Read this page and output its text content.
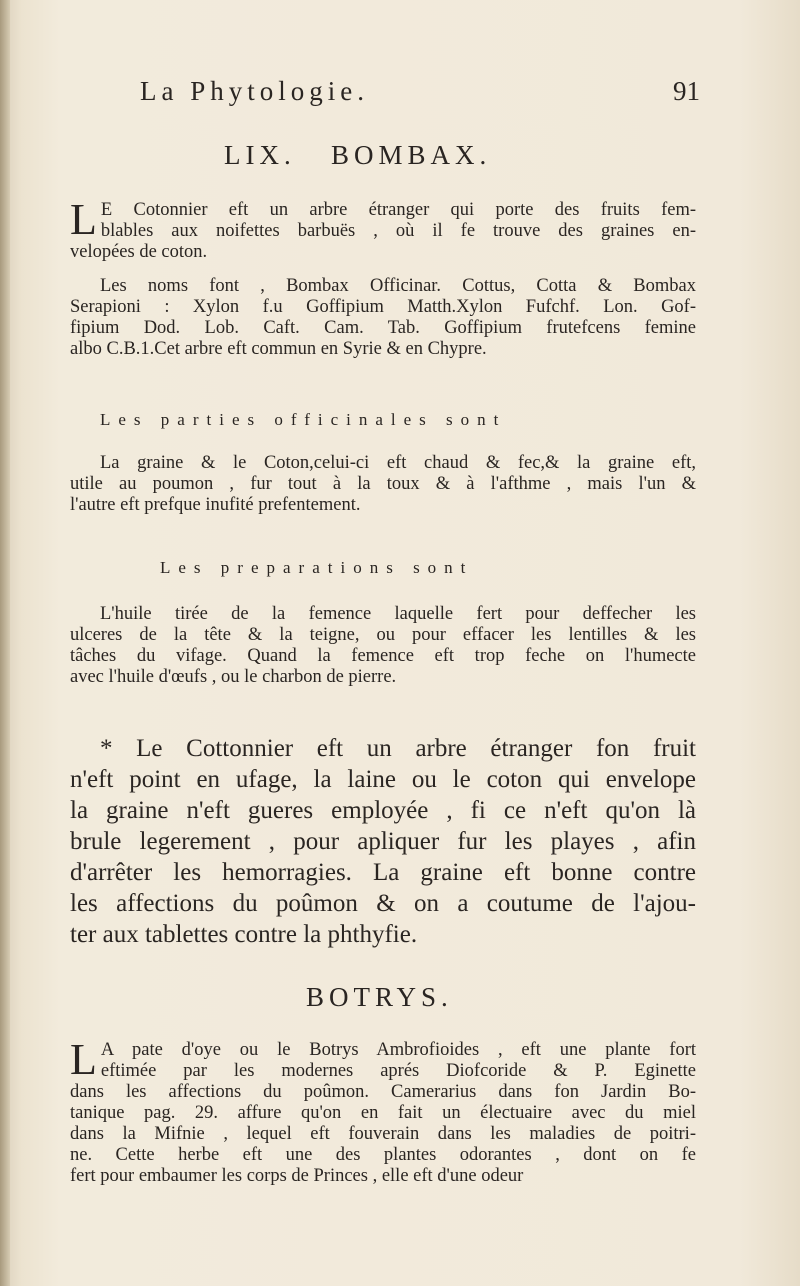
La Phytologie.	91
LIX.   BOMBAX.
L E Cotonnier eft un arbre étranger qui porte des fruits fem-
blables aux noifettes barbuës , où il fe trouve des graines en-
velopées de coton.
Les noms font , Bombax Officinar. Cottus, Cotta & Bombax
Serapioni : Xylon f.u Goffipium Matth.Xylon Fufchf. Lon. Gof-
fipium Dod. Lob. Caft. Cam. Tab. Goffipium frutefcens femine
albo C.B.1.Cet arbre eft commun en Syrie & en Chypre.
Les parties officinales sont
La graine & le Coton,celui-ci eft chaud & fec,& la graine eft,
utile au poumon , fur tout à la toux & à l'afthme , mais l'un &
l'autre eft prefque inufité prefentement.
Les preparations sont
L'huile tirée de la femence laquelle fert pour deffecher les
ulceres de la tête & la teigne, ou pour effacer les lentilles & les
tâches du vifage. Quand la femence eft trop feche on l'humecte
avec l'huile d'œufs , ou le charbon de pierre.
* Le Cottonnier eft un arbre étranger fon fruit
n'eft point en ufage, la laine ou le coton qui envelope
la graine n'eft gueres employée , fi ce n'eft qu'on là
brule legerement , pour apliquer fur les playes , afin
d'arrêter les hemorragies. La graine eft bonne contre
les affections du poûmon & on a coutume de l'ajou-
ter aux tablettes contre la phthyfie.
BOTRYS.
L A pate d'oye ou le Botrys Ambrofioides , eft une plante fort
eftimée par les modernes aprés Diofcoride & P. Eginette
dans les affections du poûmon. Camerarius dans fon Jardin Bo-
tanique pag. 29. affure qu'on en fait un électuaire avec du miel
dans la Mifnie , lequel eft fouverain dans les maladies de poitri-
ne. Cette herbe eft une des plantes odorantes , dont on fe
fert pour embaumer les corps de Princes , elle eft d'une odeur
